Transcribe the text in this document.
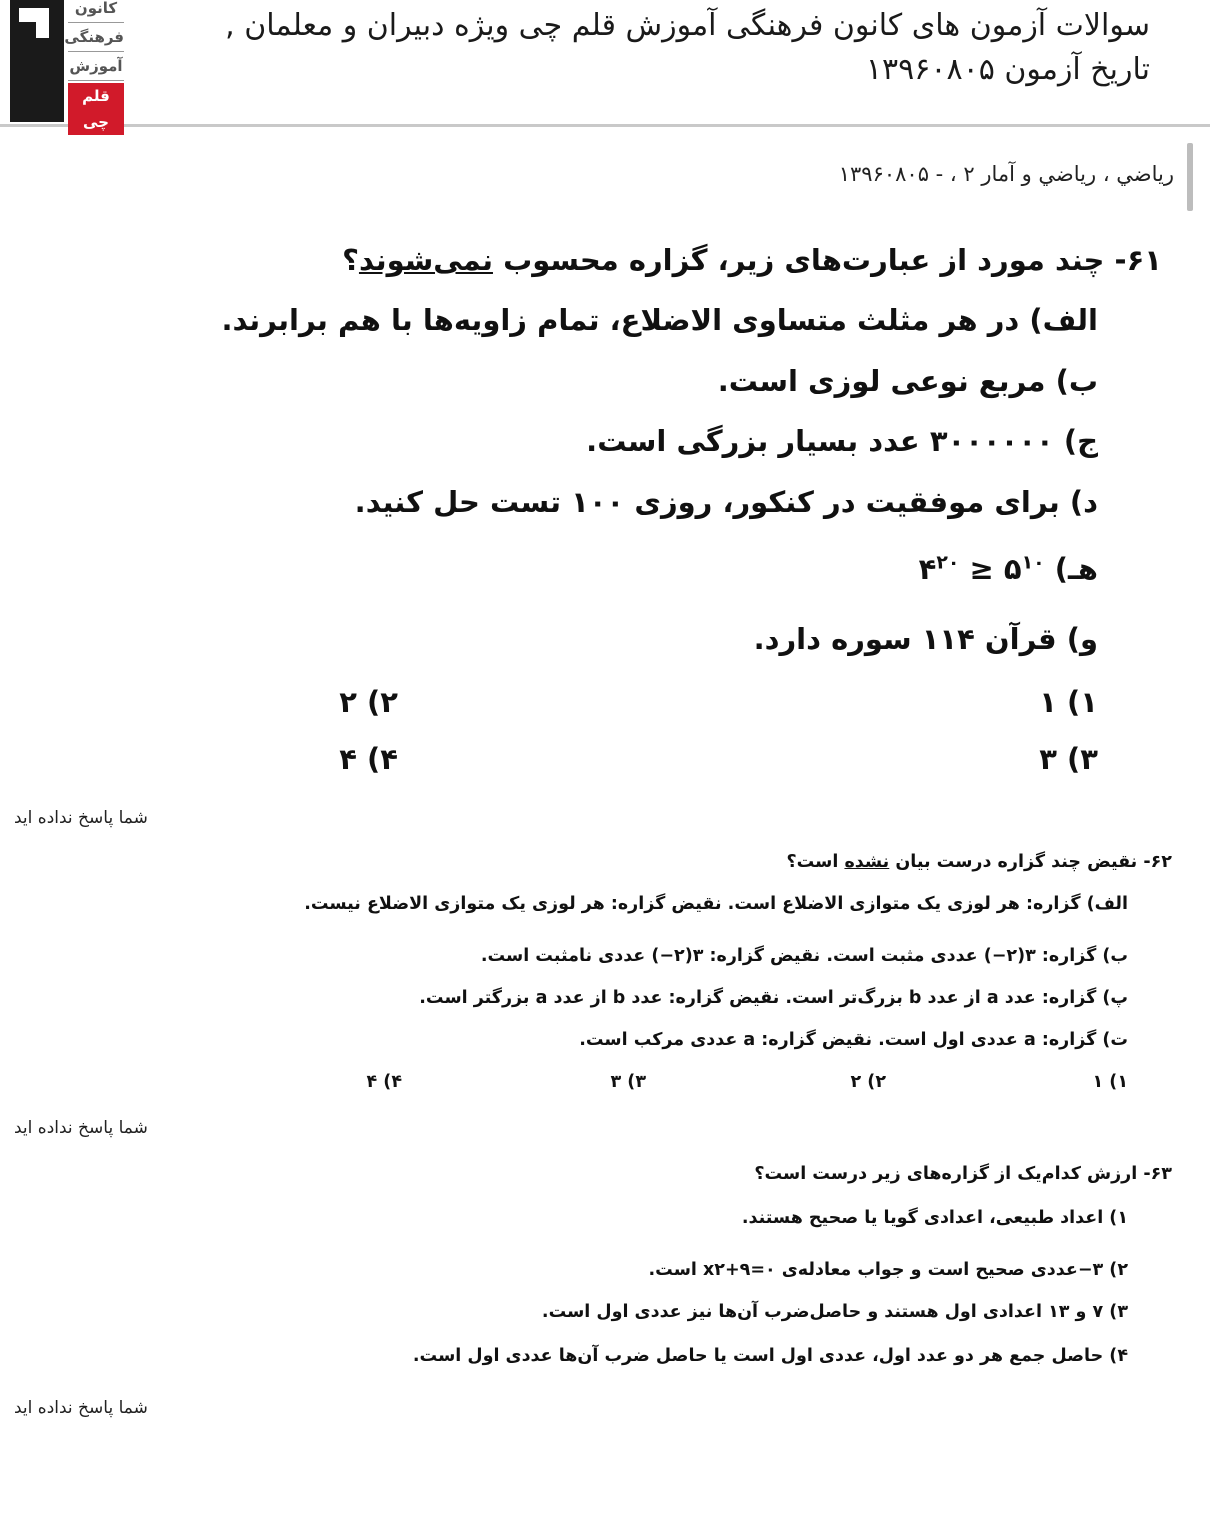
کانون
فرهنگی
آموزش
قلم چی
سوالات آزمون های کانون فرهنگی آموزش قلم چی ویژه دبیران و معلمان ,
تاریخ آزمون ۱۳۹۶۰۸۰۵
رياضي ، رياضي و آمار ۲ ، - ۱۳۹۶۰۸۰۵
۶۱- چند مورد از عبارت‌های زیر، گزاره محسوب نمی‌شوند؟
الف) در هر مثلث متساوی الاضلاع، تمام زاویه‌ها با هم برابرند.
ب) مربع نوعی لوزی است.
ج) ۳۰۰۰۰۰۰ عدد بسیار بزرگی است.
د) برای موفقیت در کنکور، روزی ۱۰۰ تست حل کنید.
هـ) $۴^{۲۰}$ ≥ $۵^{۱۰}$
و) قرآن ۱۱۴ سوره دارد.
۱) ۱
۲) ۲
۳) ۳
۴) ۴
شما پاسخ نداده اید
۶۲- نقیض چند گزاره درست بیان نشده است؟
الف) گزاره: هر لوزی یک متوازی الاضلاع است. نقیض گزاره: هر لوزی یک متوازی الاضلاع نیست.
ب) گزاره: ۳(۲−) عددی مثبت است. نقیض گزاره: ۳(۲−) عددی نامثبت است.
پ) گزاره: عدد a از عدد b بزرگ‌تر است. نقیض گزاره: عدد b از عدد a بزرگتر است.
ت) گزاره: a عددی اول است. نقیض گزاره: a عددی مرکب است.
۱) ۱
۲) ۲
۳) ۳
۴) ۴
شما پاسخ نداده اید
۶۳- ارزش کدام‌یک از گزاره‌های زیر درست است؟
۱) اعداد طبیعی، اعدادی گویا یا صحیح هستند.
۲) ۳−عددی صحیح است و جواب معادله‌ی x۲+۹=۰ است.
۳) ۷ و ۱۳ اعدادی اول هستند و حاصل‌ضرب آن‌ها نیز عددی اول است.
۴) حاصل جمع هر دو عدد اول، عددی اول است یا حاصل ضرب آن‌ها عددی اول است.
شما پاسخ نداده اید
